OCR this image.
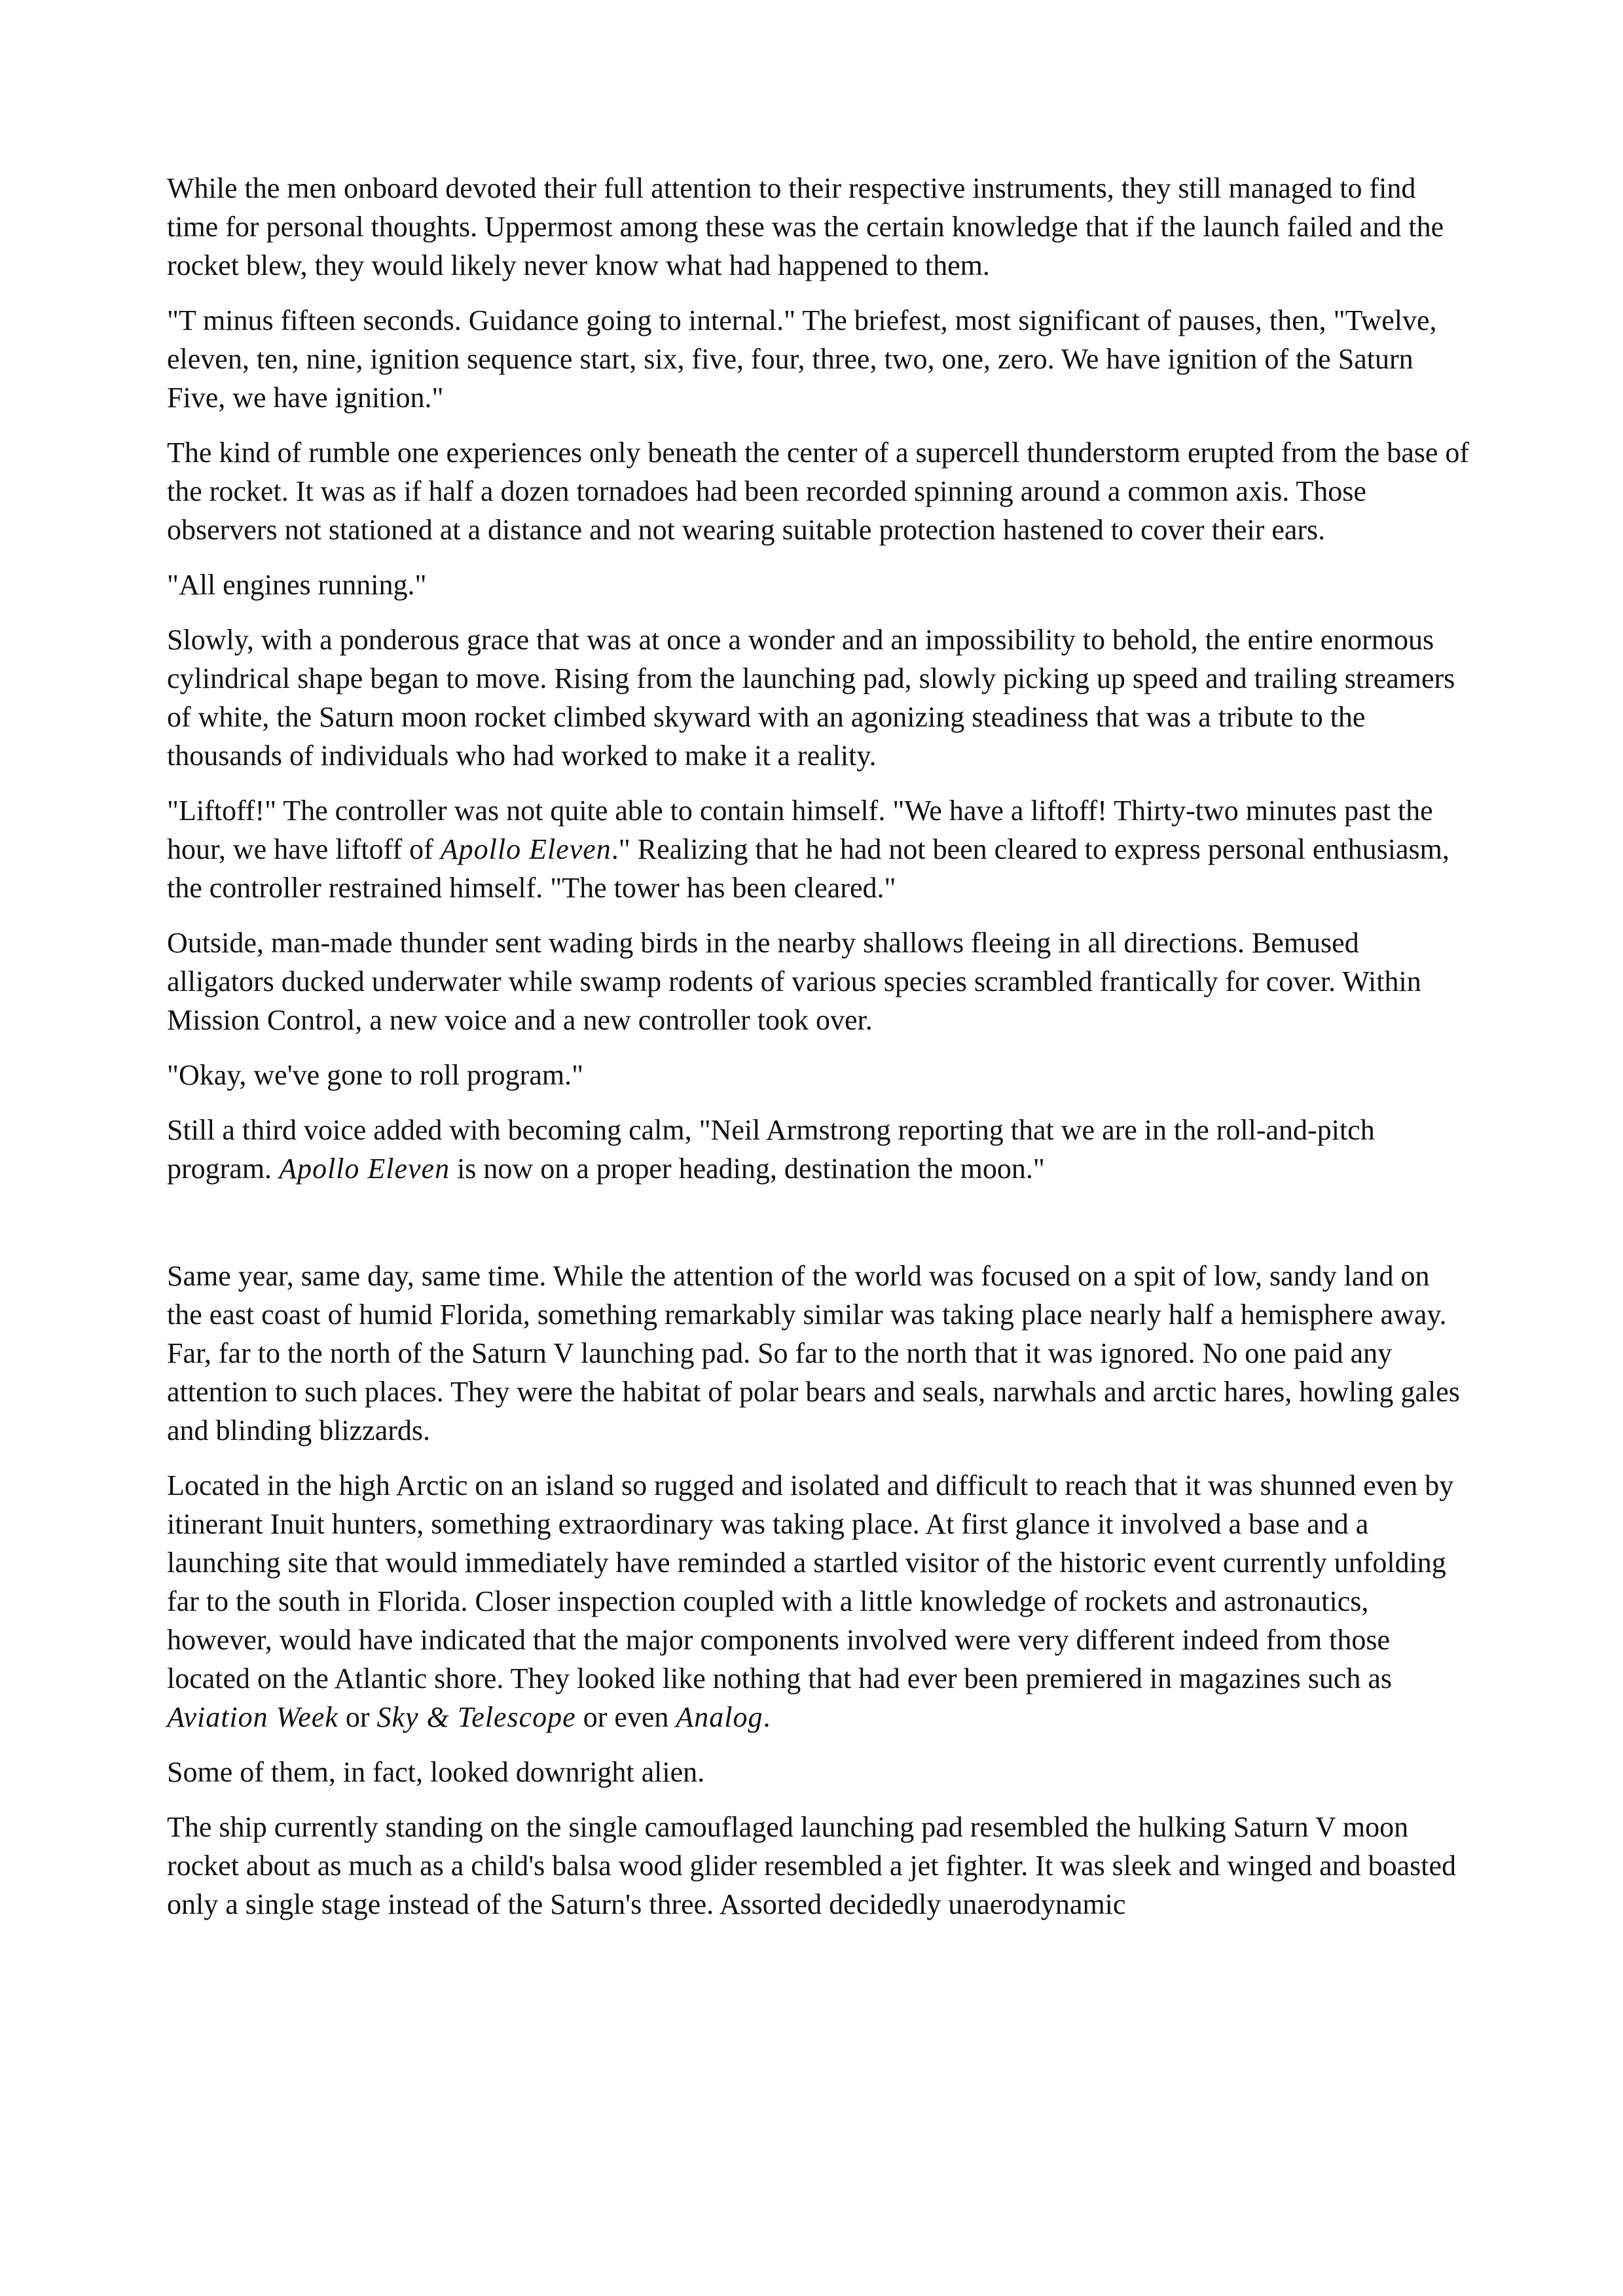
While the men onboard devoted their full attention to their respective instruments, they still managed to find time for personal thoughts. Uppermost among these was the certain knowledge that if the launch failed and the rocket blew, they would likely never know what had happened to them.

"T minus fifteen seconds. Guidance going to internal." The briefest, most significant of pauses, then, "Twelve, eleven, ten, nine, ignition sequence start, six, five, four, three, two, one, zero. We have ignition of the Saturn Five, we have ignition."

The kind of rumble one experiences only beneath the center of a supercell thunderstorm erupted from the base of the rocket. It was as if half a dozen tornadoes had been recorded spinning around a common axis. Those observers not stationed at a distance and not wearing suitable protection hastened to cover their ears.

"All engines running."

Slowly, with a ponderous grace that was at once a wonder and an impossibility to behold, the entire enormous cylindrical shape began to move. Rising from the launching pad, slowly picking up speed and trailing streamers of white, the Saturn moon rocket climbed skyward with an agonizing steadiness that was a tribute to the thousands of individuals who had worked to make it a reality.

"Liftoff!" The controller was not quite able to contain himself. "We have a liftoff! Thirty-two minutes past the hour, we have liftoff of Apollo Eleven." Realizing that he had not been cleared to express personal enthusiasm, the controller restrained himself. "The tower has been cleared."

Outside, man-made thunder sent wading birds in the nearby shallows fleeing in all directions. Bemused alligators ducked underwater while swamp rodents of various species scrambled frantically for cover. Within Mission Control, a new voice and a new controller took over.

"Okay, we've gone to roll program."

Still a third voice added with becoming calm, "Neil Armstrong reporting that we are in the roll-and-pitch program. Apollo Eleven is now on a proper heading, destination the moon."

Same year, same day, same time. While the attention of the world was focused on a spit of low, sandy land on the east coast of humid Florida, something remarkably similar was taking place nearly half a hemisphere away. Far, far to the north of the Saturn V launching pad. So far to the north that it was ignored. No one paid any attention to such places. They were the habitat of polar bears and seals, narwhals and arctic hares, howling gales and blinding blizzards.

Located in the high Arctic on an island so rugged and isolated and difficult to reach that it was shunned even by itinerant Inuit hunters, something extraordinary was taking place. At first glance it involved a base and a launching site that would immediately have reminded a startled visitor of the historic event currently unfolding far to the south in Florida. Closer inspection coupled with a little knowledge of rockets and astronautics, however, would have indicated that the major components involved were very different indeed from those located on the Atlantic shore. They looked like nothing that had ever been premiered in magazines such as Aviation Week or Sky & Telescope or even Analog.

Some of them, in fact, looked downright alien.

The ship currently standing on the single camouflaged launching pad resembled the hulking Saturn V moon rocket about as much as a child's balsa wood glider resembled a jet fighter. It was sleek and winged and boasted only a single stage instead of the Saturn's three. Assorted decidedly unaerodynamic
